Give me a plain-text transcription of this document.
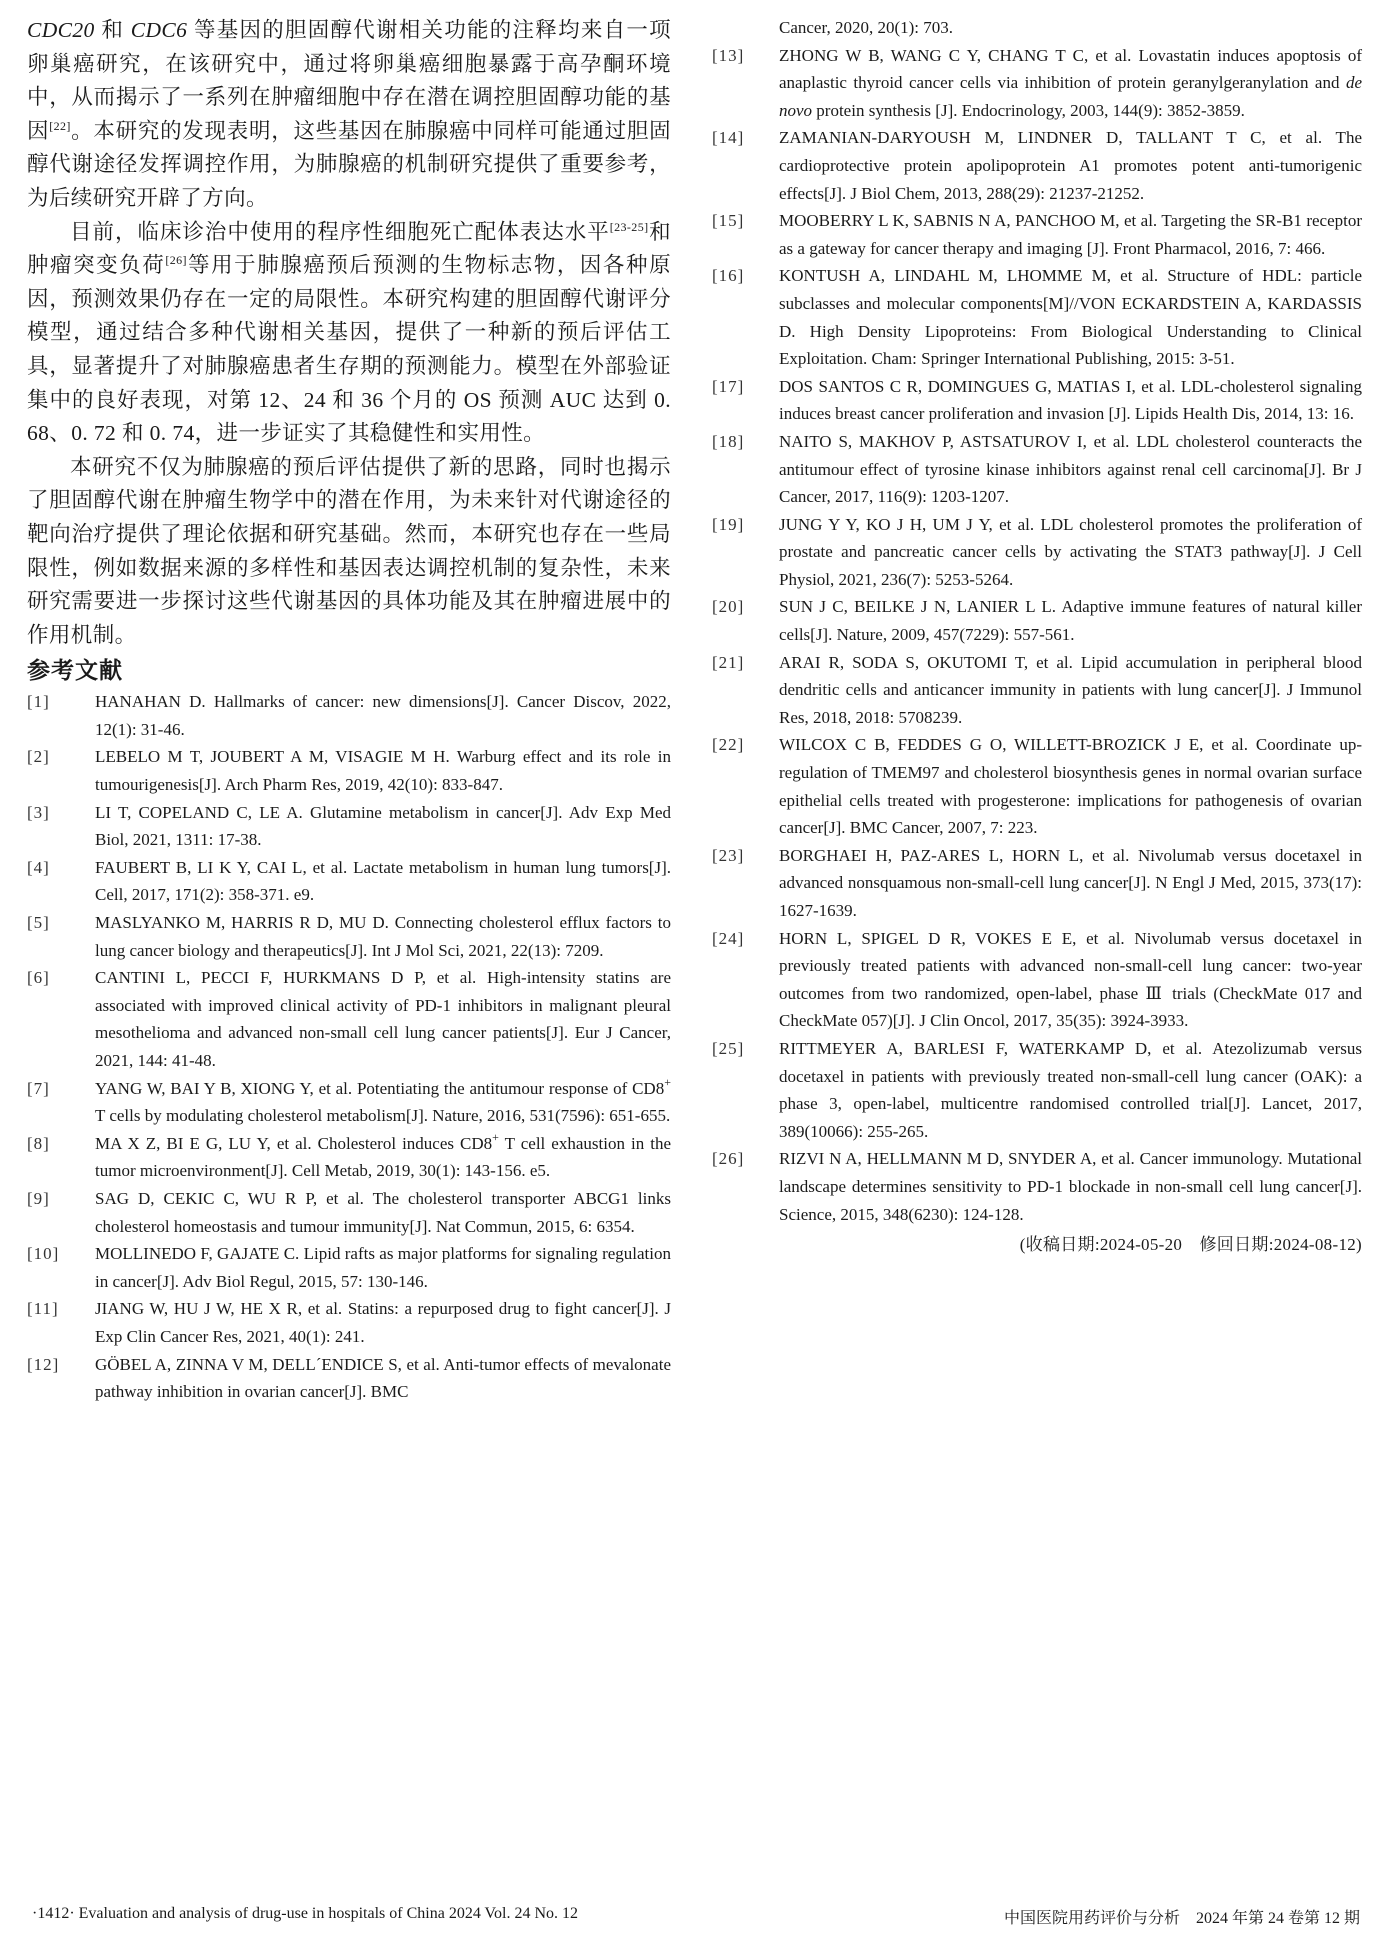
CDC20 和 CDC6 等基因的胆固醇代谢相关功能的注释均来自一项卵巢癌研究，在该研究中，通过将卵巢癌细胞暴露于高孕酮环境中，从而揭示了一系列在肿瘤细胞中存在潜在调控胆固醇功能的基因[22]。本研究的发现表明，这些基因在肺腺癌中同样可能通过胆固醇代谢途径发挥调控作用，为肺腺癌的机制研究提供了重要参考，为后续研究开辟了方向。

目前，临床诊治中使用的程序性细胞死亡配体表达水平[23-25]和肿瘤突变负荷[26]等用于肺腺癌预后预测的生物标志物，因各种原因，预测效果仍存在一定的局限性。本研究构建的胆固醇代谢评分模型，通过结合多种代谢相关基因，提供了一种新的预后评估工具，显著提升了对肺腺癌患者生存期的预测能力。模型在外部验证集中的良好表现，对第 12、24 和 36 个月的 OS 预测 AUC 达到 0. 68、0. 72 和 0. 74，进一步证实了其稳健性和实用性。

本研究不仅为肺腺癌的预后评估提供了新的思路，同时也揭示了胆固醇代谢在肿瘤生物学中的潜在作用，为未来针对代谢途径的靶向治疗提供了理论依据和研究基础。然而，本研究也存在一些局限性，例如数据来源的多样性和基因表达调控机制的复杂性，未来研究需要进一步探讨这些代谢基因的具体功能及其在肿瘤进展中的作用机制。

参考文献
[1]	HANAHAN D. Hallmarks of cancer: new dimensions[J]. Cancer Discov, 2022, 12(1): 31-46.
[2]	LEBELO M T, JOUBERT A M, VISAGIE M H. Warburg effect and its role in tumourigenesis[J]. Arch Pharm Res, 2019, 42(10): 833-847.
[3]	LI T, COPELAND C, LE A. Glutamine metabolism in cancer[J]. Adv Exp Med Biol, 2021, 1311: 17-38.
[4]	FAUBERT B, LI K Y, CAI L, et al. Lactate metabolism in human lung tumors[J]. Cell, 2017, 171(2): 358-371. e9.
[5]	MASLYANKO M, HARRIS R D, MU D. Connecting cholesterol efflux factors to lung cancer biology and therapeutics[J]. Int J Mol Sci, 2021, 22(13): 7209.
[6]	CANTINI L, PECCI F, HURKMANS D P, et al. High-intensity statins are associated with improved clinical activity of PD-1 inhibitors in malignant pleural mesothelioma and advanced non-small cell lung cancer patients[J]. Eur J Cancer, 2021, 144: 41-48.
[7]	YANG W, BAI Y B, XIONG Y, et al. Potentiating the antitumour response of CD8+ T cells by modulating cholesterol metabolism[J]. Nature, 2016, 531(7596): 651-655.
[8]	MA X Z, BI E G, LU Y, et al. Cholesterol induces CD8+ T cell exhaustion in the tumor microenvironment[J]. Cell Metab, 2019, 30(1): 143-156. e5.
[9]	SAG D, CEKIC C, WU R P, et al. The cholesterol transporter ABCG1 links cholesterol homeostasis and tumour immunity[J]. Nat Commun, 2015, 6: 6354.
[10]	MOLLINEDO F, GAJATE C. Lipid rafts as major platforms for signaling regulation in cancer[J]. Adv Biol Regul, 2015, 57: 130-146.
[11]	JIANG W, HU J W, HE X R, et al. Statins: a repurposed drug to fight cancer[J]. J Exp Clin Cancer Res, 2021, 40(1): 241.
[12]	GÖBEL A, ZINNA V M, DELL´ENDICE S, et al. Anti-tumor effects of mevalonate pathway inhibition in ovarian cancer[J]. BMC

Cancer, 2020, 20(1): 703.

[13]	ZHONG W B, WANG C Y, CHANG T C, et al. Lovastatin induces apoptosis of anaplastic thyroid cancer cells via inhibition of protein geranylgeranylation and de novo protein synthesis [J]. Endocrinology, 2003, 144(9): 3852-3859.
[14]	ZAMANIAN-DARYOUSH M, LINDNER D, TALLANT T C, et al. The cardioprotective protein apolipoprotein A1 promotes potent anti-tumorigenic effects[J]. J Biol Chem, 2013, 288(29): 21237-21252.
[15]	MOOBERRY L K, SABNIS N A, PANCHOO M, et al. Targeting the SR-B1 receptor as a gateway for cancer therapy and imaging [J]. Front Pharmacol, 2016, 7: 466.
[16]	KONTUSH A, LINDAHL M, LHOMME M, et al. Structure of HDL: particle subclasses and molecular components[M]//VON ECKARDSTEIN A, KARDASSIS D. High Density Lipoproteins: From Biological Understanding to Clinical Exploitation. Cham: Springer International Publishing, 2015: 3-51.
[17]	DOS SANTOS C R, DOMINGUES G, MATIAS I, et al. LDL-cholesterol signaling induces breast cancer proliferation and invasion [J]. Lipids Health Dis, 2014, 13: 16.
[18]	NAITO S, MAKHOV P, ASTSATUROV I, et al. LDL cholesterol counteracts the antitumour effect of tyrosine kinase inhibitors against renal cell carcinoma[J]. Br J Cancer, 2017, 116(9): 1203-1207.
[19]	JUNG Y Y, KO J H, UM J Y, et al. LDL cholesterol promotes the proliferation of prostate and pancreatic cancer cells by activating the STAT3 pathway[J]. J Cell Physiol, 2021, 236(7): 5253-5264.
[20]	SUN J C, BEILKE J N, LANIER L L. Adaptive immune features of natural killer cells[J]. Nature, 2009, 457(7229): 557-561.
[21]	ARAI R, SODA S, OKUTOMI T, et al. Lipid accumulation in peripheral blood dendritic cells and anticancer immunity in patients with lung cancer[J]. J Immunol Res, 2018, 2018: 5708239.
[22]	WILCOX C B, FEDDES G O, WILLETT-BROZICK J E, et al. Coordinate up-regulation of TMEM97 and cholesterol biosynthesis genes in normal ovarian surface epithelial cells treated with progesterone: implications for pathogenesis of ovarian cancer[J]. BMC Cancer, 2007, 7: 223.
[23]	BORGHAEI H, PAZ-ARES L, HORN L, et al. Nivolumab versus docetaxel in advanced nonsquamous non-small-cell lung cancer[J]. N Engl J Med, 2015, 373(17): 1627-1639.
[24]	HORN L, SPIGEL D R, VOKES E E, et al. Nivolumab versus docetaxel in previously treated patients with advanced non-small-cell lung cancer: two-year outcomes from two randomized, open-label, phase Ⅲ trials (CheckMate 017 and CheckMate 057)[J]. J Clin Oncol, 2017, 35(35): 3924-3933.
[25]	RITTMEYER A, BARLESI F, WATERKAMP D, et al. Atezolizumab versus docetaxel in patients with previously treated non-small-cell lung cancer (OAK): a phase 3, open-label, multicentre randomised controlled trial[J]. Lancet, 2017, 389(10066): 255-265.
[26]	RIZVI N A, HELLMANN M D, SNYDER A, et al. Cancer immunology. Mutational landscape determines sensitivity to PD-1 blockade in non-small cell lung cancer[J]. Science, 2015, 348(6230): 124-128.

(收稿日期:2024-05-20　修回日期:2024-08-12)

·1412· Evaluation and analysis of drug-use in hospitals of China 2024 Vol. 24 No. 12	中国医院用药评价与分析　2024 年第 24 卷第 12 期
